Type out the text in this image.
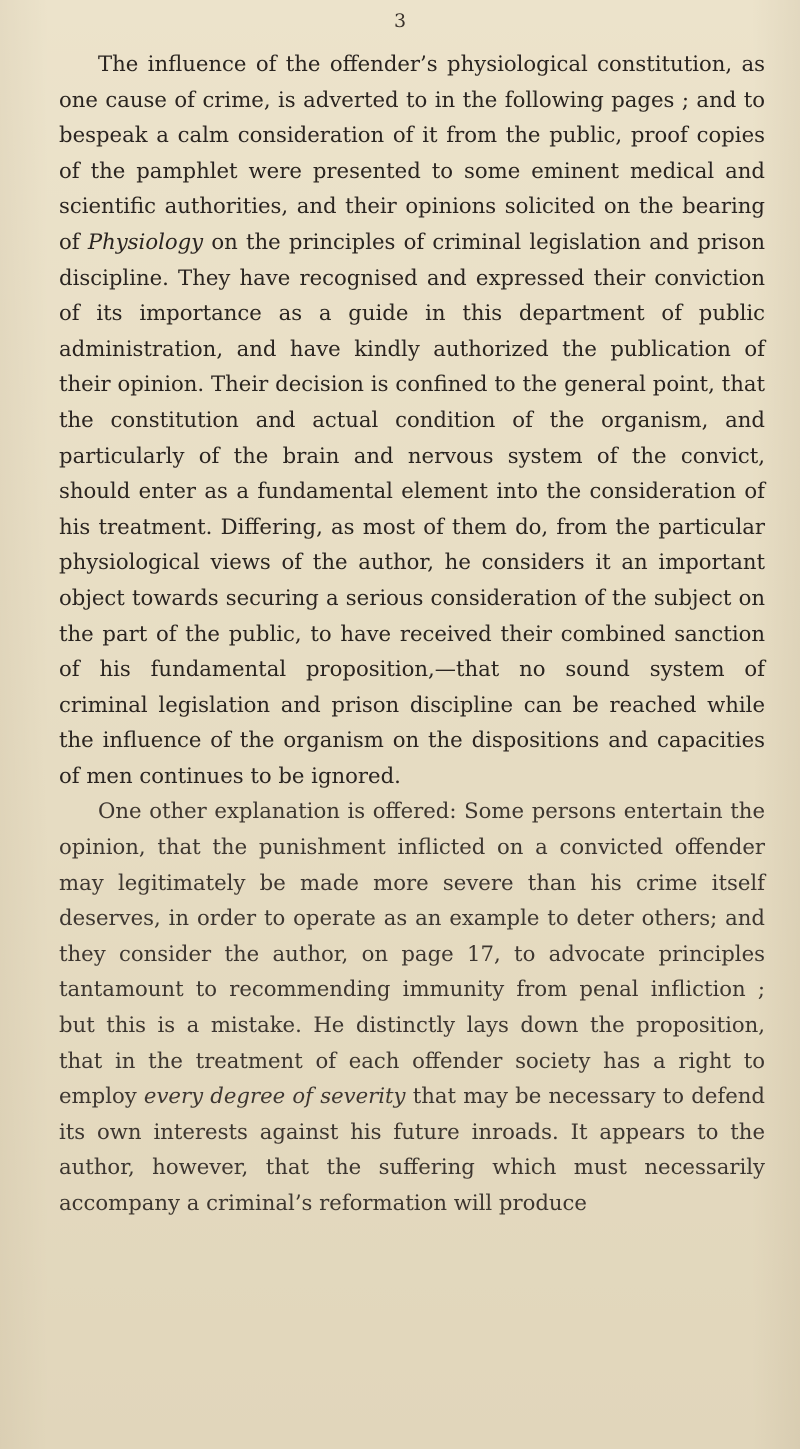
3

The influence of the offender’s physiological constitution, as one cause of crime, is adverted to in the following pages ; and to bespeak a calm consideration of it from the public, proof copies of the pamphlet were presented to some eminent medical and scientific authorities, and their opinions solicited on the bearing of Physiology on the principles of criminal legislation and prison discipline. They have recognised and expressed their conviction of its importance as a guide in this department of public administration, and have kindly authorized the publication of their opinion. Their decision is confined to the general point, that the constitution and actual condition of the organism, and particularly of the brain and nervous system of the convict, should enter as a fundamental element into the consideration of his treatment. Differing, as most of them do, from the particular physiological views of the author, he considers it an important object towards securing a serious consideration of the subject on the part of the public, to have received their combined sanction of his fundamental proposition,—that no sound system of criminal legislation and prison discipline can be reached while the influence of the organism on the dispositions and capacities of men continues to be ignored.

One other explanation is offered: Some persons entertain the opinion, that the punishment inflicted on a convicted offender may legitimately be made more severe than his crime itself deserves, in order to operate as an example to deter others; and they consider the author, on page 17, to advocate principles tantamount to recommending immunity from penal infliction ; but this is a mistake. He distinctly lays down the proposition, that in the treatment of each offender society has a right to employ every degree of severity that may be necessary to defend its own interests against his future inroads. It appears to the author, however, that the suffering which must necessarily accompany a criminal’s reformation will produce
